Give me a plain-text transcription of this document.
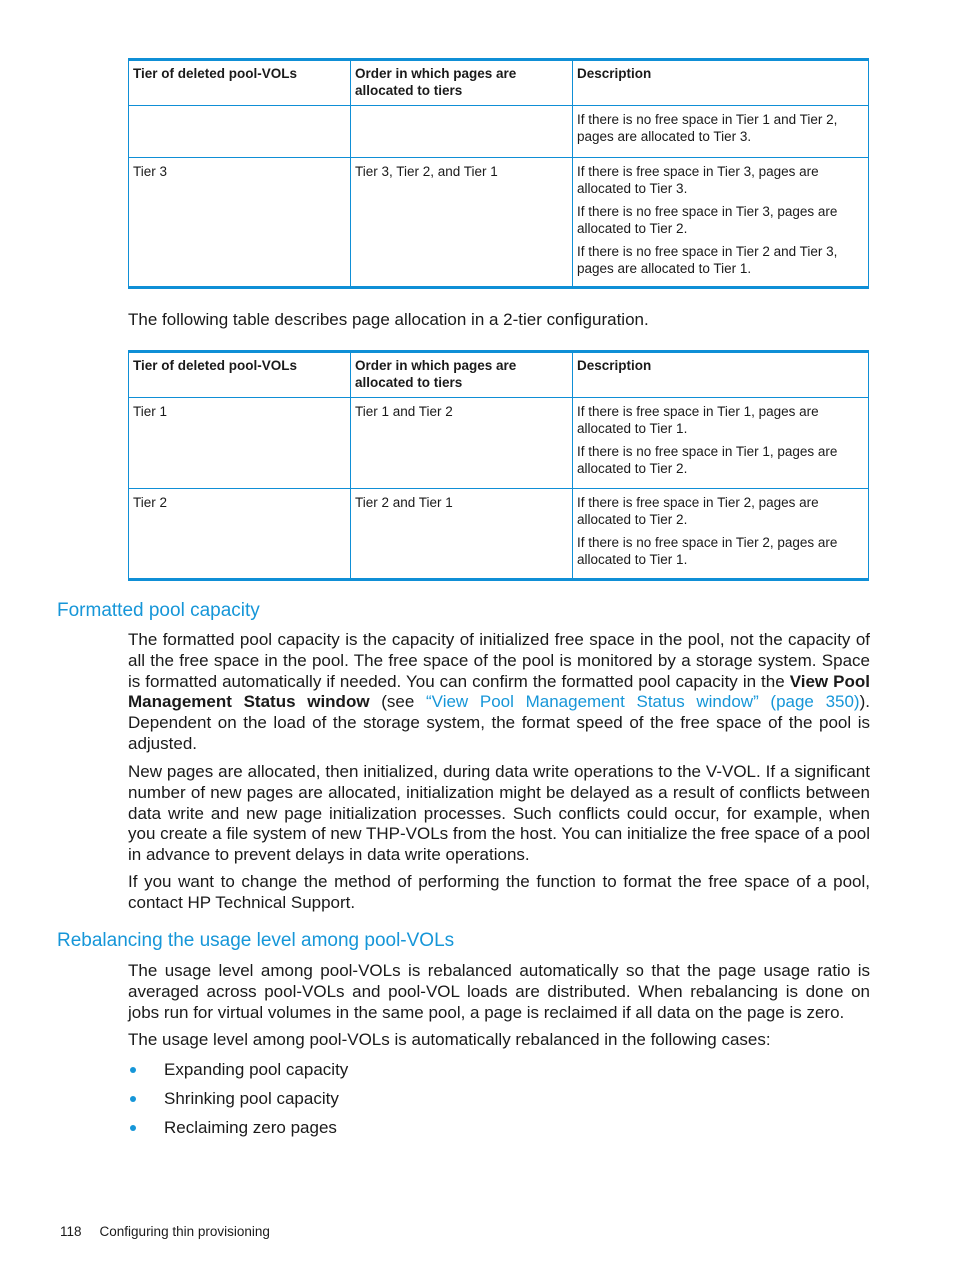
Tier of deleted pool-VOLs	Order in which pages are allocated to tiers	Description

		If there is no free space in Tier 1 and Tier 2, pages are allocated to Tier 3.

Tier 3	Tier 3, Tier 2, and Tier 1	If there is free space in Tier 3, pages are allocated to Tier 3.

If there is no free space in Tier 3, pages are allocated to Tier 2.

If there is no free space in Tier 2 and Tier 3, pages are allocated to Tier 1.

The following table describes page allocation in a 2-tier configuration.

Tier of deleted pool-VOLs	Order in which pages are allocated to tiers	Description
Tier 1	Tier 1 and Tier 2	If there is free space in Tier 1, pages are allocated to Tier 1.

If there is no free space in Tier 1, pages are allocated to Tier 2.

Tier 2	Tier 2 and Tier 1	If there is free space in Tier 2, pages are allocated to Tier 2.

If there is no free space in Tier 2, pages are allocated to Tier 1.

Formatted pool capacity

The formatted pool capacity is the capacity of initialized free space in the pool, not the capacity of all the free space in the pool. The free space of the pool is monitored by a storage system. Space is formatted automatically if needed. You can confirm the formatted pool capacity in the View Pool Management Status window (see “View Pool Management Status window” (page 350)). Dependent on the load of the storage system, the format speed of the free space of the pool is adjusted.

New pages are allocated, then initialized, during data write operations to the V-VOL. If a significant number of new pages are allocated, initialization might be delayed as a result of conflicts between data write and new page initialization processes. Such conflicts could occur, for example, when you create a file system of new THP-VOLs from the host. You can initialize the free space of a pool in advance to prevent delays in data write operations.

If you want to change the method of performing the function to format the free space of a pool, contact HP Technical Support.

Rebalancing the usage level among pool-VOLs

The usage level among pool-VOLs is rebalanced automatically so that the page usage ratio is averaged across pool-VOLs and pool-VOL loads are distributed. When rebalancing is done on jobs run for virtual volumes in the same pool, a page is reclaimed if all data on the page is zero.

The usage level among pool-VOLs is automatically rebalanced in the following cases:

Expanding pool capacity
Shrinking pool capacity
Reclaiming zero pages
118 Configuring thin provisioning
